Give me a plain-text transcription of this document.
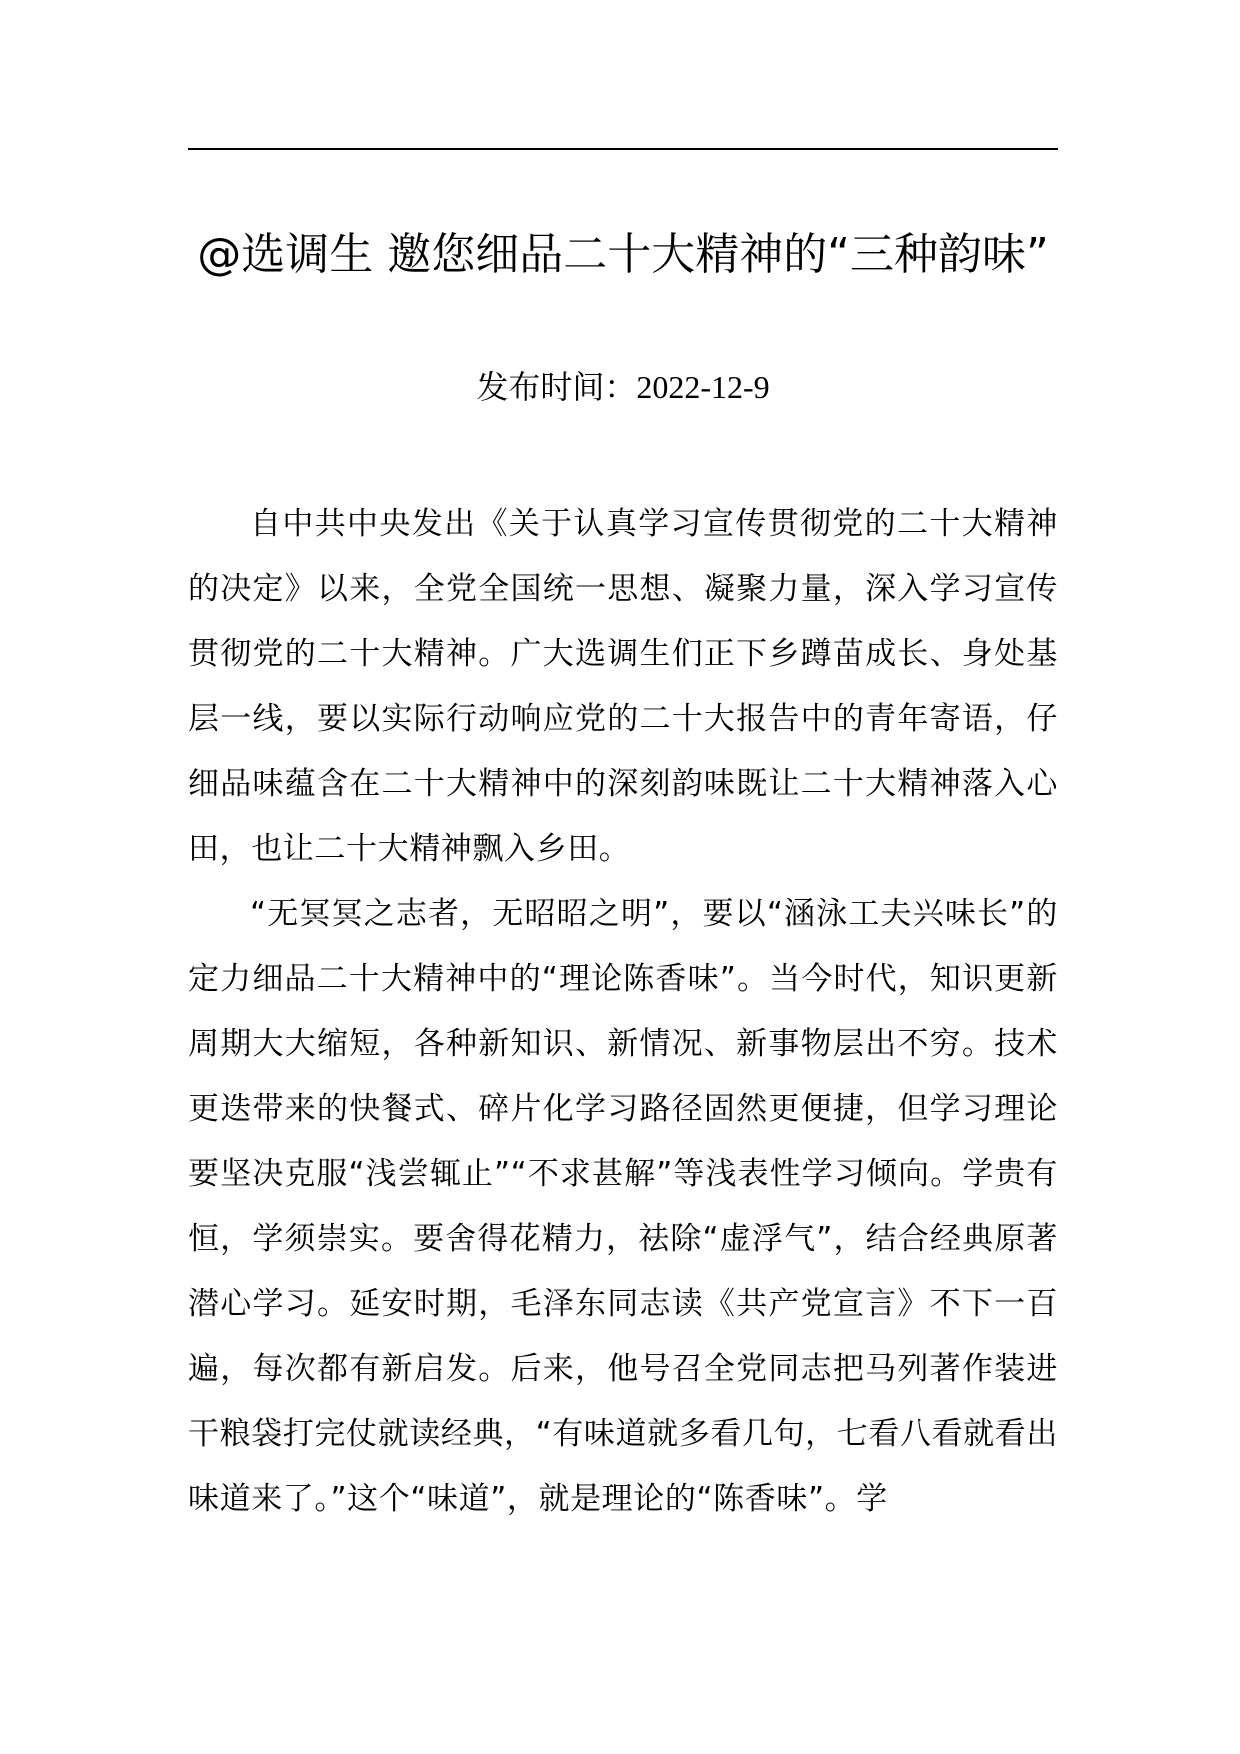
@选调生 邀您细品二十大精神的“三种韵味”
发布时间：2022-12-9

自中共中央发出《关于认真学习宣传贯彻党的二十大精神的决定》以来，全党全国统一思想、凝聚力量，深入学习宣传贯彻党的二十大精神。广大选调生们正下乡蹲苗成长、身处基层一线，要以实际行动响应党的二十大报告中的青年寄语，仔细品味蕴含在二十大精神中的深刻韵味既让二十大精神落入心田，也让二十大精神飘入乡田。

“无冥冥之志者，无昭昭之明”，要以“涵泳工夫兴味长”的定力细品二十大精神中的“理论陈香味”。当今时代，知识更新周期大大缩短，各种新知识、新情况、新事物层出不穷。技术更迭带来的快餐式、碎片化学习路径固然更便捷，但学习理论要坚决克服“浅尝辄止”“不求甚解”等浅表性学习倾向。学贵有恒，学须崇实。要舍得花精力，祛除“虚浮气”，结合经典原著潜心学习。延安时期，毛泽东同志读《共产党宣言》不下一百遍，每次都有新启发。后来，他号召全党同志把马列著作装进干粮袋打完仗就读经典，“有味道就多看几句，七看八看就看出味道来了。”这个“味道”，就是理论的“陈香味”。学
